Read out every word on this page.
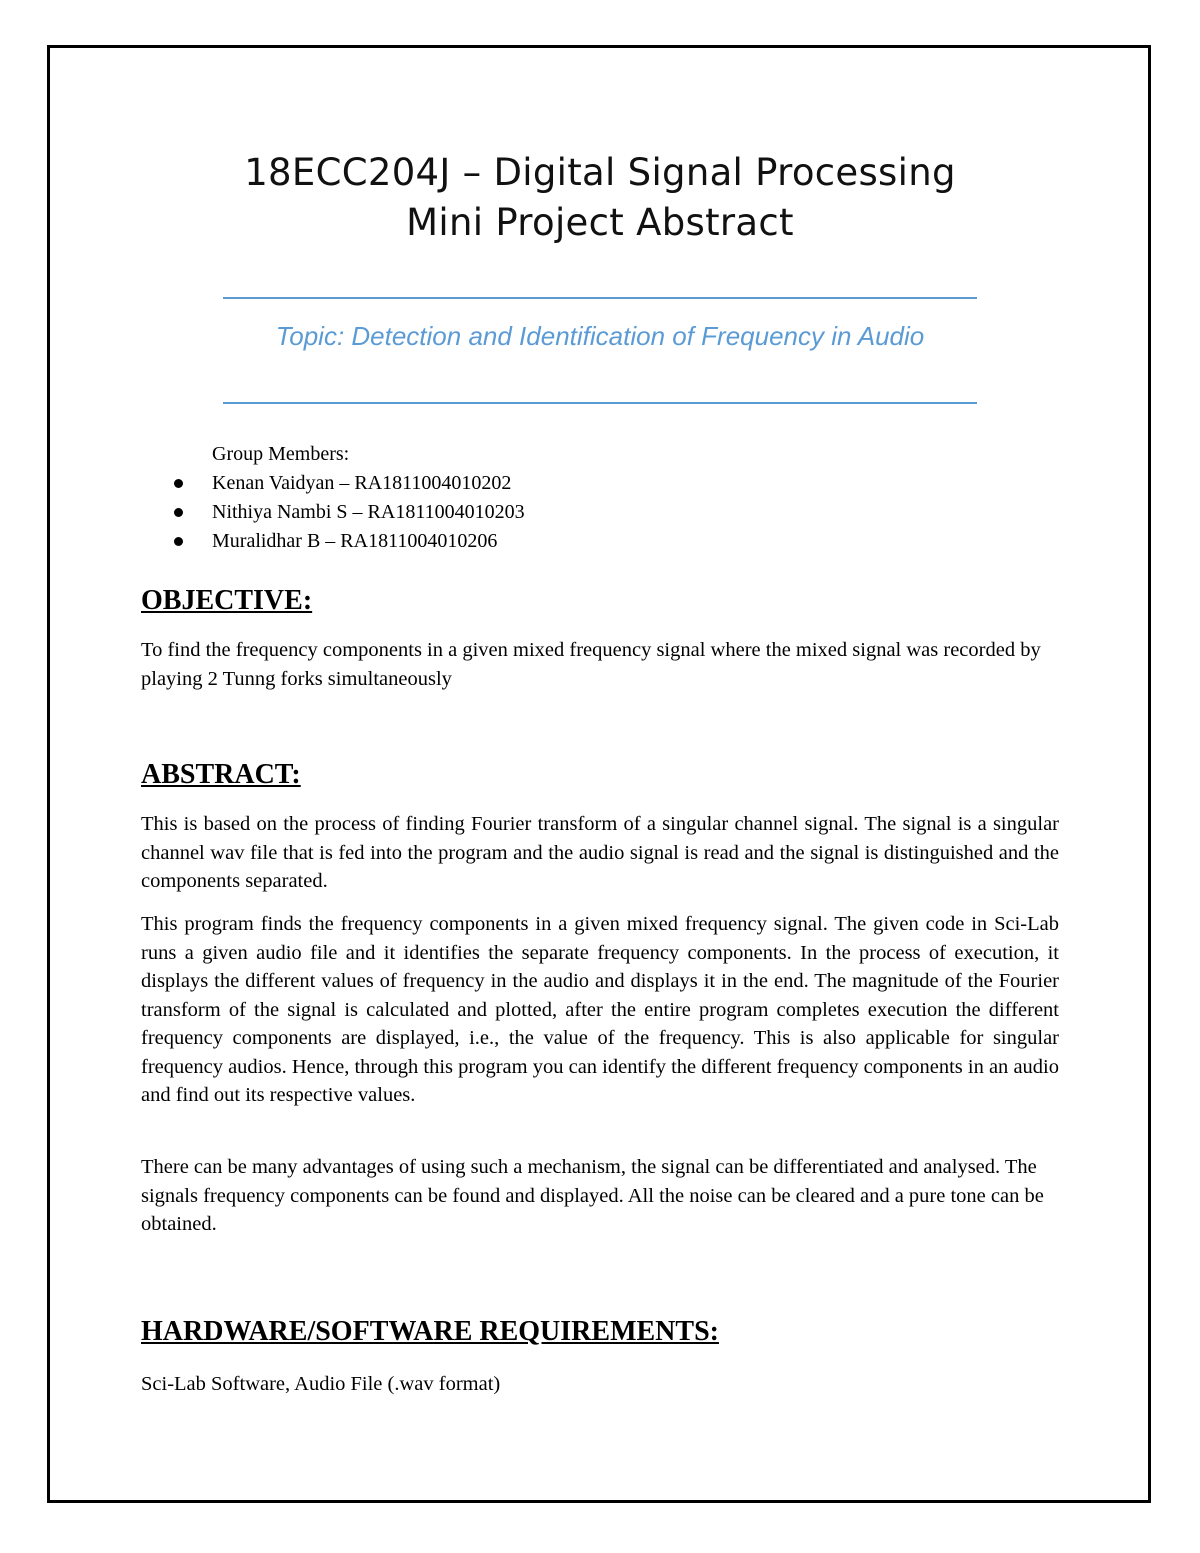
18ECC204J – Digital Signal Processing
Mini Project Abstract
Topic: Detection and Identification of Frequency in Audio
Group Members:
Kenan Vaidyan – RA1811004010202
Nithiya Nambi S – RA1811004010203
Muralidhar B – RA1811004010206
OBJECTIVE:

To find the frequency components in a given mixed frequency signal where the mixed signal was recorded by playing 2 Tunng forks simultaneously

ABSTRACT:

This is based on the process of finding Fourier transform of a singular channel signal. The signal is a singular channel wav file that is fed into the program and the audio signal is read and the signal is distinguished and the components separated.

This program finds the frequency components in a given mixed frequency signal. The given code in Sci-Lab runs a given audio file and it identifies the separate frequency components. In the process of execution, it displays the different values of frequency in the audio and displays it in the end. The magnitude of the Fourier transform of the signal is calculated and plotted, after the entire program completes execution the different frequency components are displayed, i.e., the value of the frequency. This is also applicable for singular frequency audios. Hence, through this program you can identify the different frequency components in an audio and find out its respective values.

There can be many advantages of using such a mechanism, the signal can be differentiated and analysed. The signals frequency components can be found and displayed. All the noise can be cleared and a pure tone can be obtained.

HARDWARE/SOFTWARE REQUIREMENTS:

Sci-Lab Software, Audio File (.wav format)
